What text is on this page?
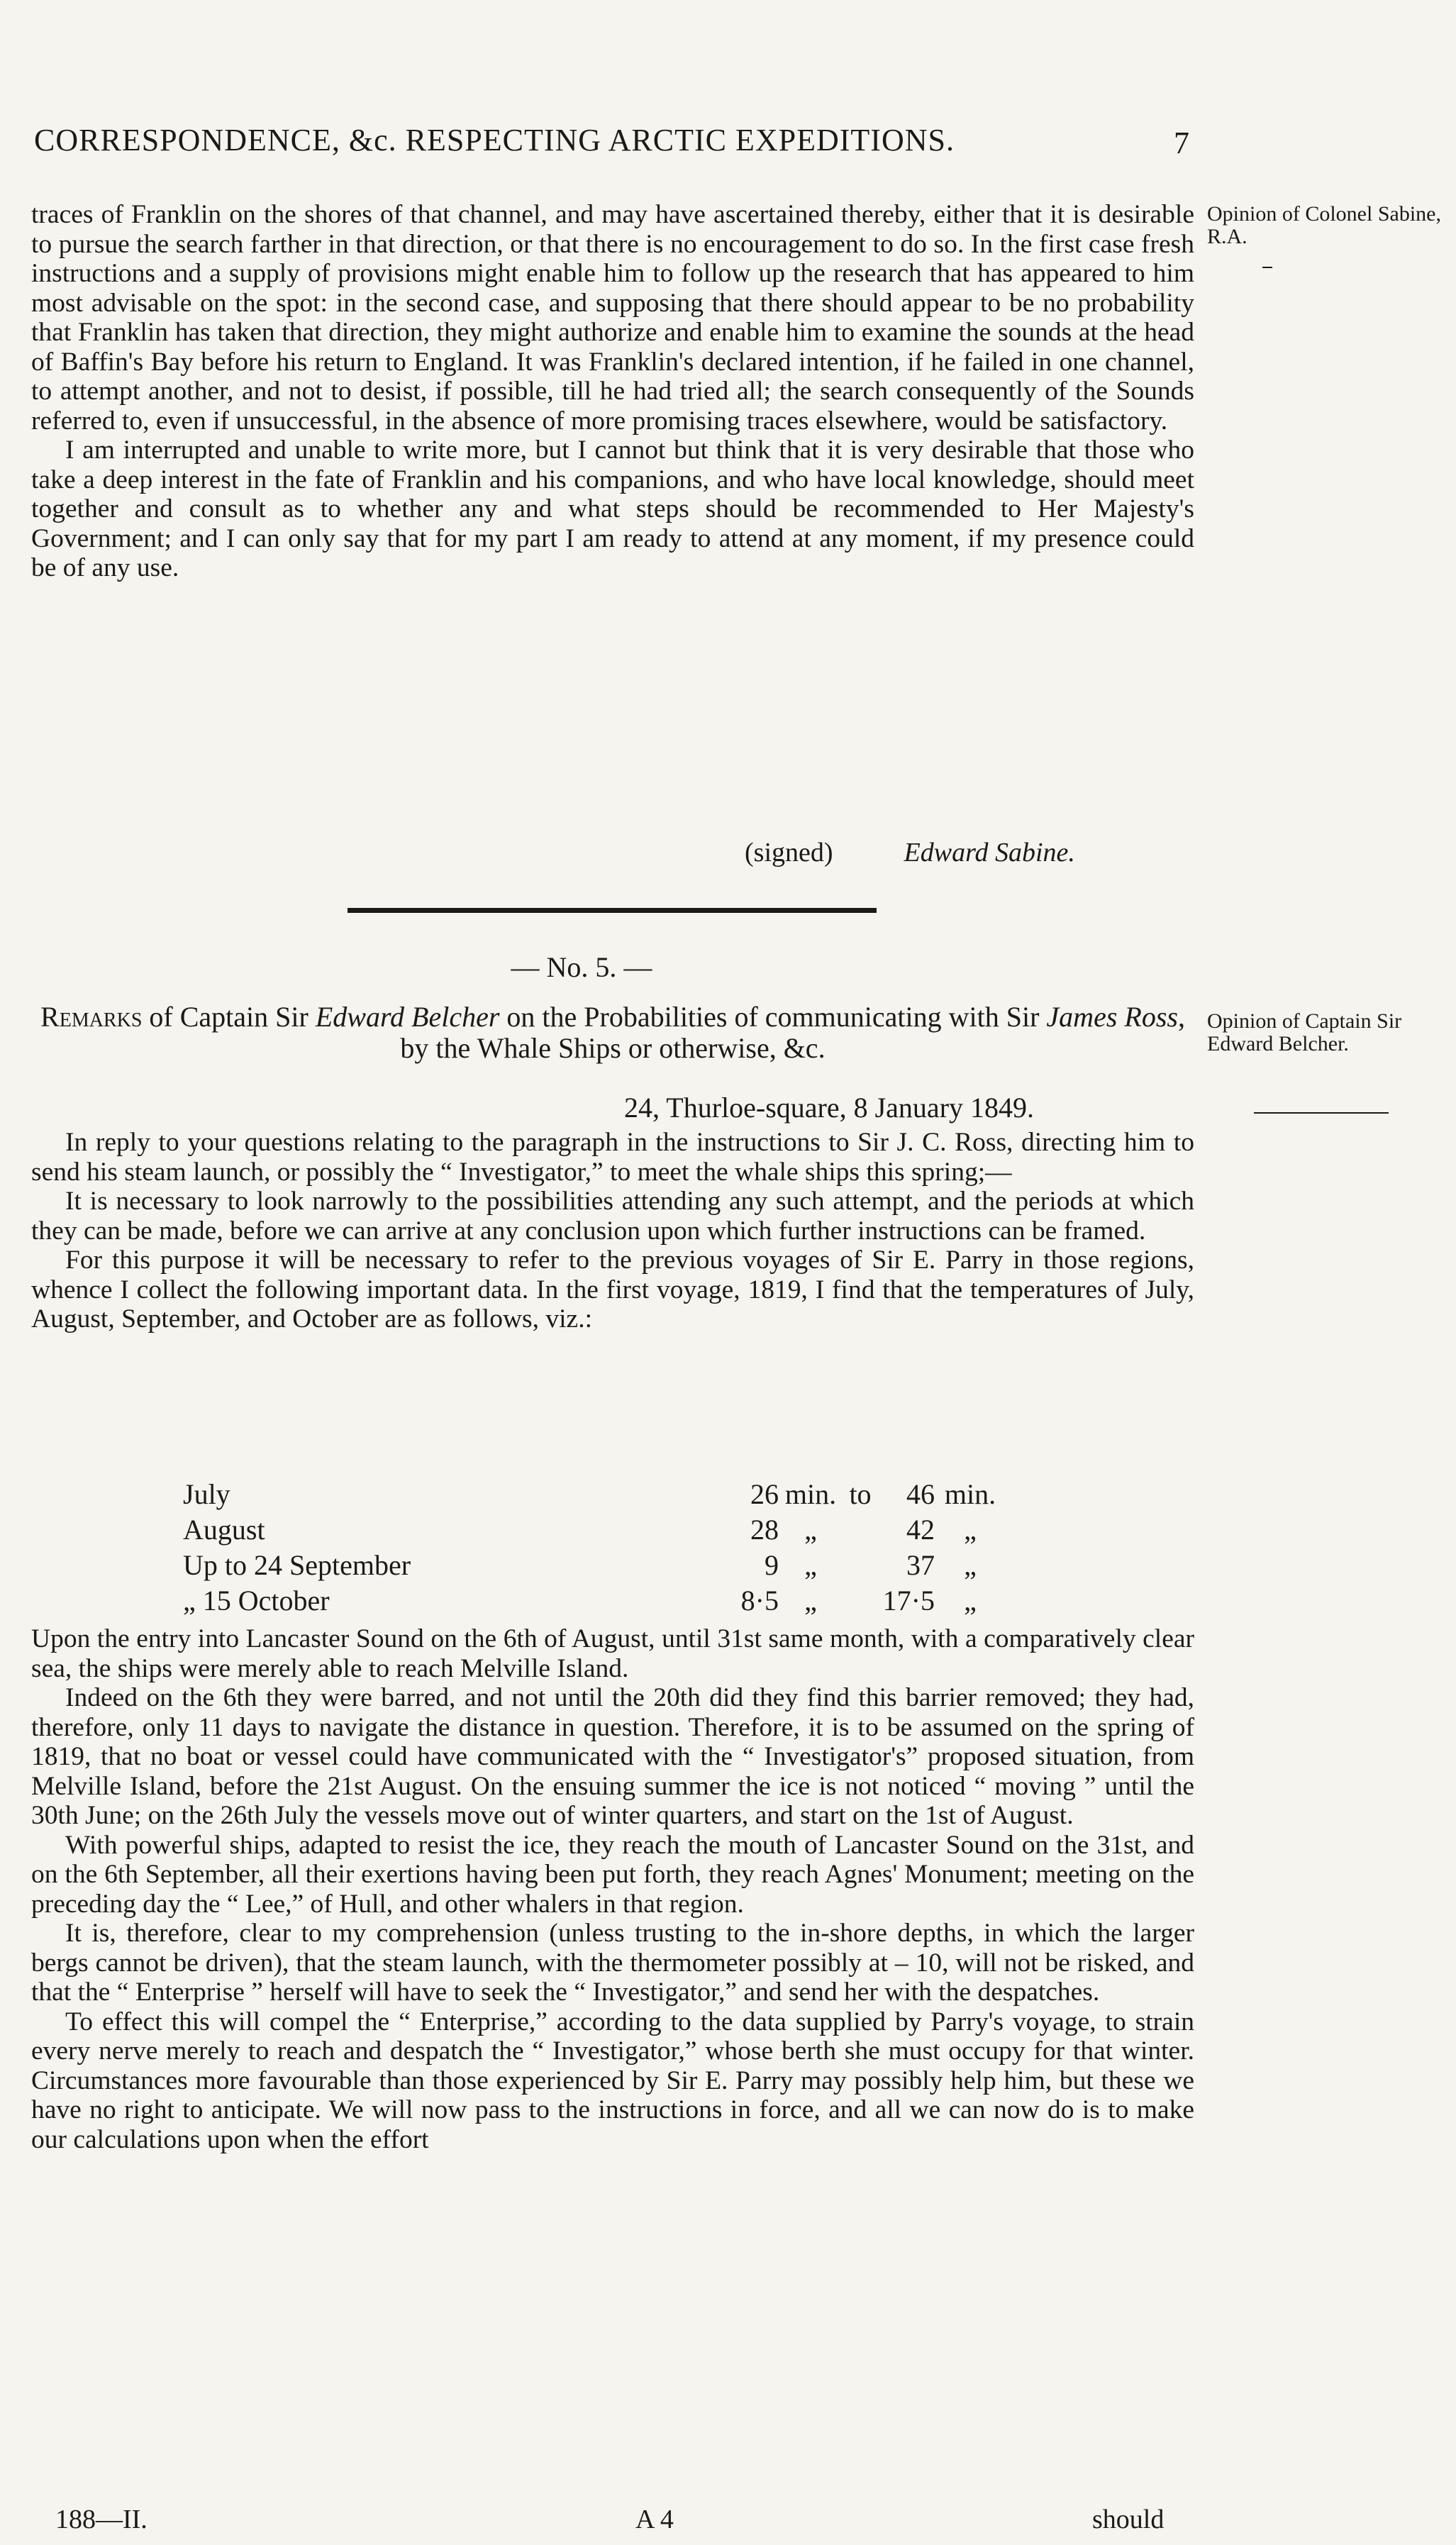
CORRESPONDENCE, &c. RESPECTING ARCTIC EXPEDITIONS.	7

traces of Franklin on the shores of that channel, and may have ascertained thereby, either that it is desirable to pursue the search farther in that direction, or that there is no encouragement to do so. In the first case fresh instructions and a supply of provisions might enable him to follow up the research that has appeared to him most advisable on the spot: in the second case, and supposing that there should appear to be no probability that Franklin has taken that direction, they might authorize and enable him to examine the sounds at the head of Baffin's Bay before his return to England. It was Franklin's declared intention, if he failed in one channel, to attempt another, and not to desist, if possible, till he had tried all; the search consequently of the Sounds referred to, even if unsuccessful, in the absence of more promising traces elsewhere, would be satisfactory.

I am interrupted and unable to write more, but I cannot but think that it is very desirable that those who take a deep interest in the fate of Franklin and his companions, and who have local knowledge, should meet together and consult as to whether any and what steps should be recommended to Her Majesty's Government; and I can only say that for my part I am ready to attend at any moment, if my presence could be of any use.

Opinion of Colonel Sabine, R.A.
(signed)	Edward Sabine.
— No. 5. —
Remarks of Captain Sir Edward Belcher on the Probabilities of communicating with Sir James Ross, by the Whale Ships or otherwise, &c.
Opinion of Captain Sir Edward Belcher.
24, Thurloe-square, 8 January 1849.

In reply to your questions relating to the paragraph in the instructions to Sir J. C. Ross, directing him to send his steam launch, or possibly the “ Investigator,” to meet the whale ships this spring;—

It is necessary to look narrowly to the possibilities attending any such attempt, and the periods at which they can be made, before we can arrive at any conclusion upon which further instructions can be framed.

For this purpose it will be necessary to refer to the previous voyages of Sir E. Parry in those regions, whence I collect the following important data. In the first voyage, 1819, I find that the temperatures of July, August, September, and October are as follows, viz.:

July	26	min.	to	46	min.
August	28	„		42	„
Up to 24 September	9	„		37	„
„ 15 October	8·5	„		17·5	„

Upon the entry into Lancaster Sound on the 6th of August, until 31st same month, with a comparatively clear sea, the ships were merely able to reach Melville Island.

Indeed on the 6th they were barred, and not until the 20th did they find this barrier removed; they had, therefore, only 11 days to navigate the distance in question. Therefore, it is to be assumed on the spring of 1819, that no boat or vessel could have communicated with the “ Investigator's” proposed situation, from Melville Island, before the 21st August. On the ensuing summer the ice is not noticed “ moving ” until the 30th June; on the 26th July the vessels move out of winter quarters, and start on the 1st of August.

With powerful ships, adapted to resist the ice, they reach the mouth of Lancaster Sound on the 31st, and on the 6th September, all their exertions having been put forth, they reach Agnes' Monument; meeting on the preceding day the “ Lee,” of Hull, and other whalers in that region.

It is, therefore, clear to my comprehension (unless trusting to the in-shore depths, in which the larger bergs cannot be driven), that the steam launch, with the thermometer possibly at – 10, will not be risked, and that the “ Enterprise ” herself will have to seek the “ Investigator,” and send her with the despatches.

To effect this will compel the “ Enterprise,” according to the data supplied by Parry's voyage, to strain every nerve merely to reach and despatch the “ Investigator,” whose berth she must occupy for that winter. Circumstances more favourable than those experienced by Sir E. Parry may possibly help him, but these we have no right to anticipate. We will now pass to the instructions in force, and all we can now do is to make our calculations upon when the effort

188—II.	A 4	should
